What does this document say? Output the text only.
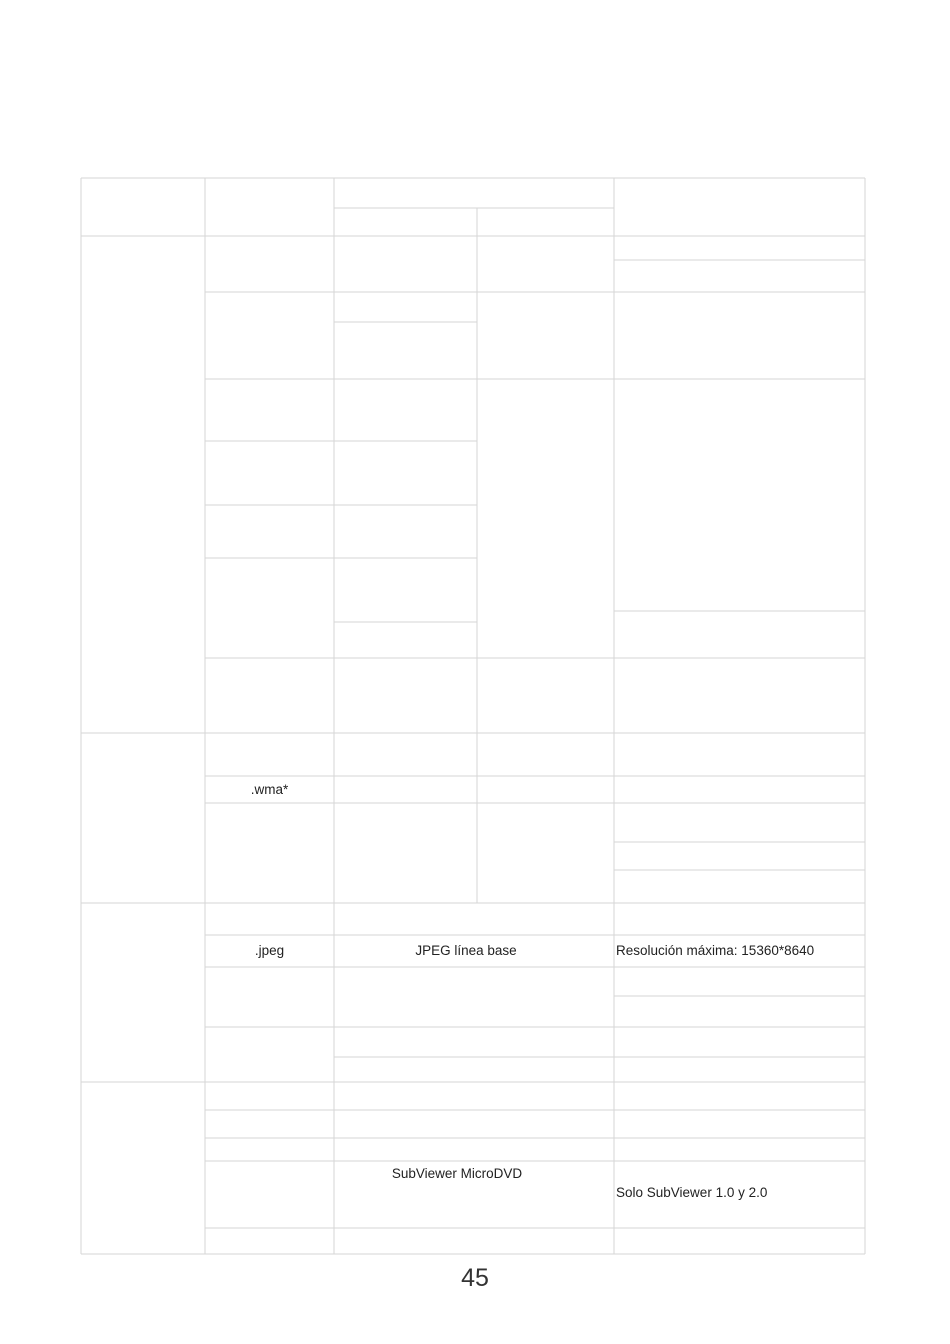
.wma*
.jpeg	JPEG línea base	Resolución máxima: 15360*8640
SubViewer MicroDVD
Solo SubViewer 1.0 y 2.0
45
